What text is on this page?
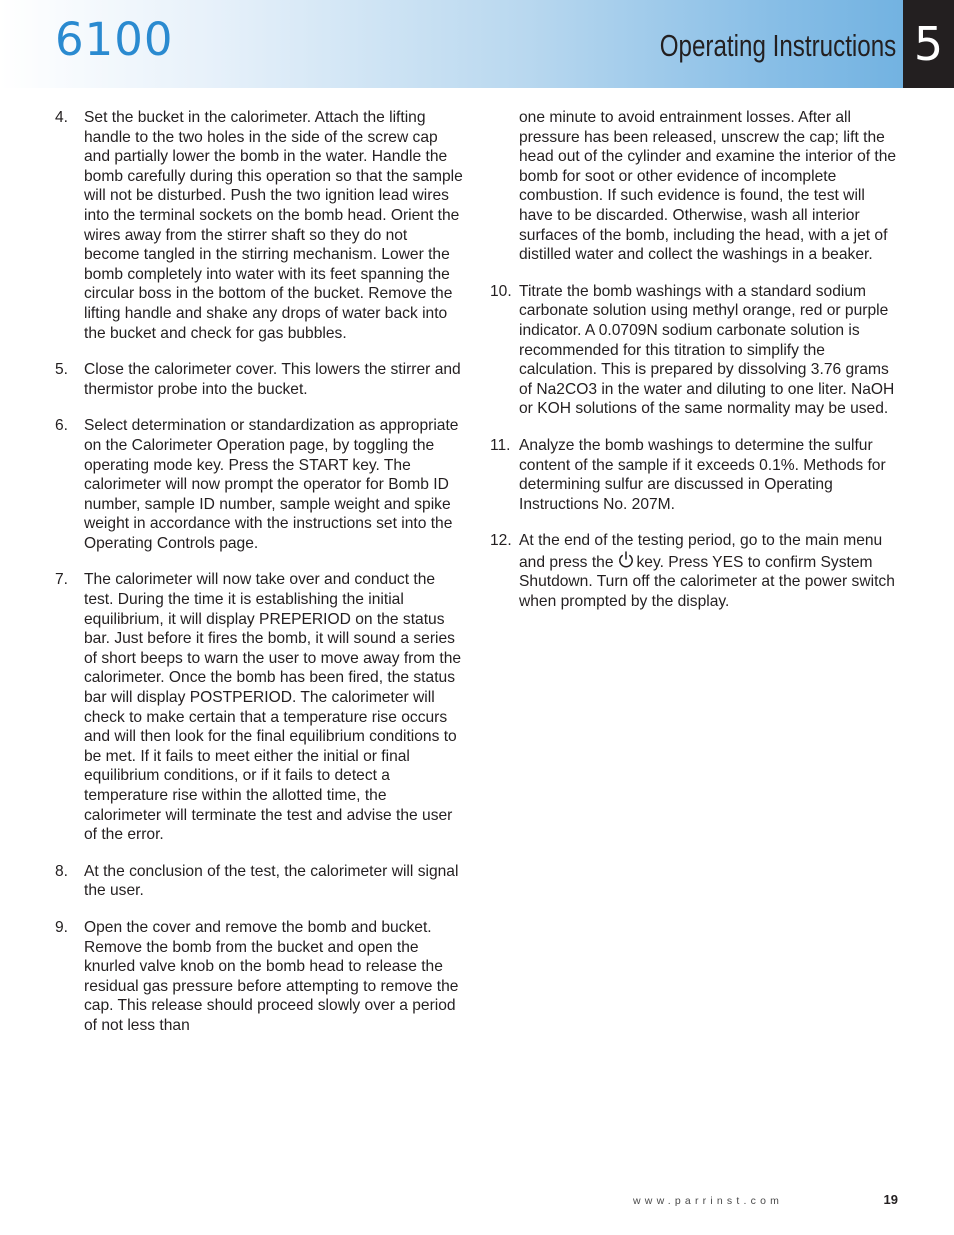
6100	Operating Instructions 5
4. Set the bucket in the calorimeter. Attach the lifting handle to the two holes in the side of the screw cap and partially lower the bomb in the water. Handle the bomb carefully during this operation so that the sample will not be disturbed. Push the two ignition lead wires into the terminal sockets on the bomb head. Orient the wires away from the stirrer shaft so they do not become tangled in the stirring mechanism. Lower the bomb completely into water with its feet spanning the circular boss in the bottom of the bucket. Remove the lifting handle and shake any drops of water back into the bucket and check for gas bubbles.
5. Close the calorimeter cover. This lowers the stirrer and thermistor probe into the bucket.
6. Select determination or standardization as appropriate on the Calorimeter Operation page, by toggling the operating mode key. Press the START key. The calorimeter will now prompt the operator for Bomb ID number, sample ID number, sample weight and spike weight in accordance with the instructions set into the Operating Controls page.
7. The calorimeter will now take over and conduct the test. During the time it is establishing the initial equilibrium, it will display PREPERIOD on the status bar. Just before it fires the bomb, it will sound a series of short beeps to warn the user to move away from the calorimeter. Once the bomb has been fired, the status bar will display POSTPERIOD. The calorimeter will check to make certain that a temperature rise occurs and will then look for the final equilibrium conditions to be met. If it fails to meet either the initial or final equilibrium conditions, or if it fails to detect a temperature rise within the allotted time, the calorimeter will terminate the test and advise the user of the error.
8. At the conclusion of the test, the calorimeter will signal the user.
9. Open the cover and remove the bomb and bucket. Remove the bomb from the bucket and open the knurled valve knob on the bomb head to release the residual gas pressure before attempting to remove the cap. This release should proceed slowly over a period of not less than
one minute to avoid entrainment losses. After all pressure has been released, unscrew the cap; lift the head out of the cylinder and examine the interior of the bomb for soot or other evidence of incomplete combustion. If such evidence is found, the test will have to be discarded. Otherwise, wash all interior surfaces of the bomb, including the head, with a jet of distilled water and collect the washings in a beaker.
10. Titrate the bomb washings with a standard sodium carbonate solution using methyl orange, red or purple indicator. A 0.0709N sodium carbonate solution is recommended for this titration to simplify the calculation. This is prepared by dissolving 3.76 grams of Na2CO3 in the water and diluting to one liter. NaOH or KOH solutions of the same normality may be used.
11. Analyze the bomb washings to determine the sulfur content of the sample if it exceeds 0.1%. Methods for determining sulfur are discussed in Operating Instructions No. 207M.
12. At the end of the testing period, go to the main menu and press the key. Press YES to confirm System Shutdown. Turn off the calorimeter at the power switch when prompted by the display.
www.parrinst.com	19
